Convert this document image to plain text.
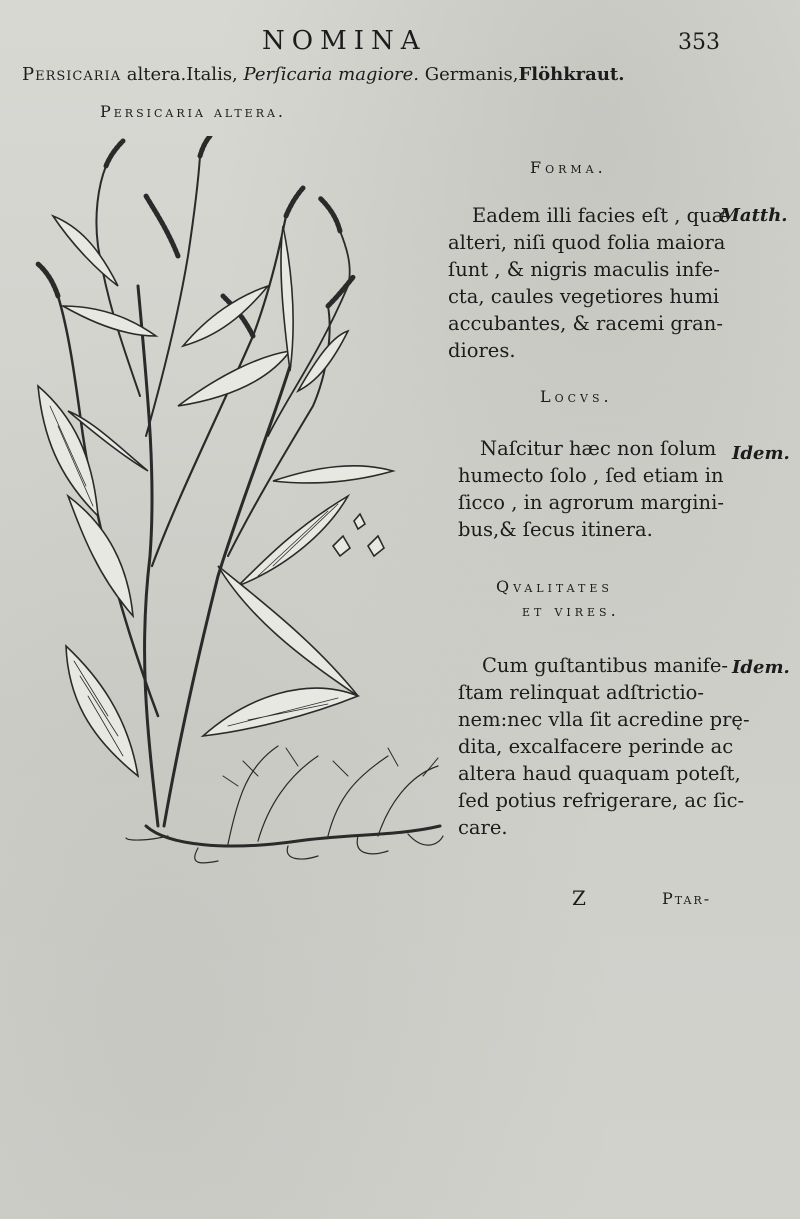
NOMINA	353
Persicaria altera.Italis, Perſicaria magiore. Germanis,Flöhkraut.
Persicaria altera.
Forma.
Matth.
Eadem illi facies eſt , quæ
alteri, niſi quod folia maiora
ſunt , & nigris maculis infe-
cta, caules vegetiores humi
accubantes, & racemi gran-
diores.
Locvs.
Idem.
Naſcitur hæc non ſolum
humecto ſolo , ſed etiam in
ſicco , in agrorum margini-
bus,& ſecus itinera.
Qvalitates
et vires.
Idem.
Cum guſtantibus manife-
ſtam relinquat adſtrictio-
nem:nec vlla ſit acredine prę-
dita, excalfacere perinde ac
altera haud quaquam poteſt,
ſed potius refrigerare, ac ſic-
care.
Z	Ptar-
